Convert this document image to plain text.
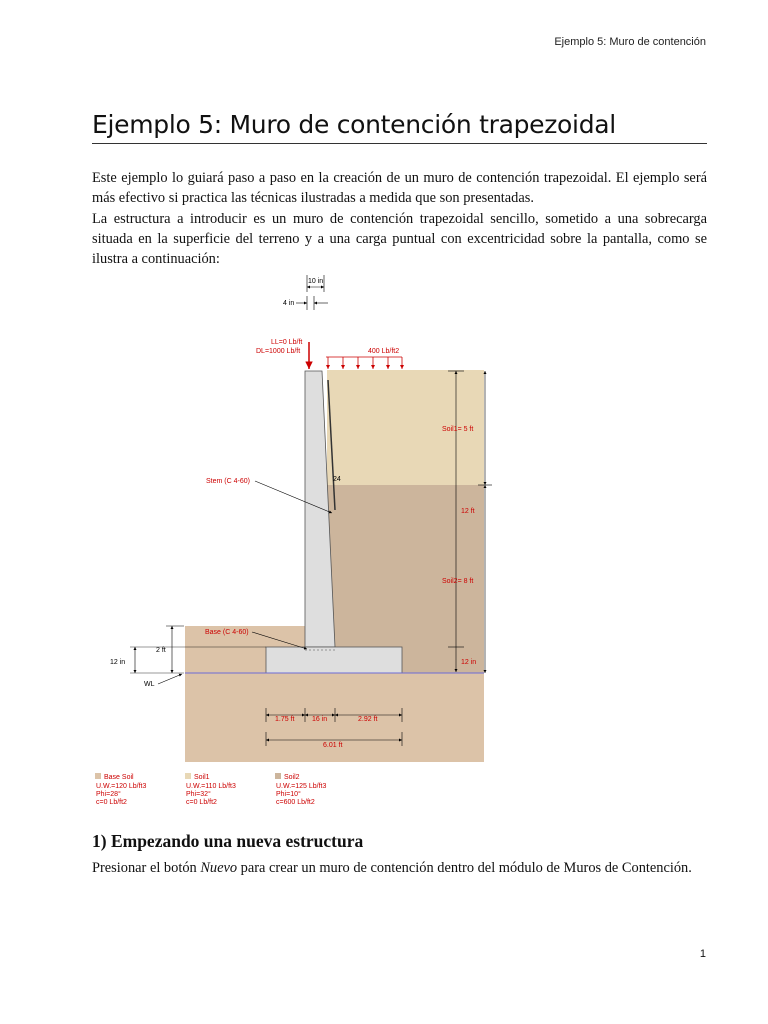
Ejemplo 5: Muro de contención
Ejemplo 5: Muro de contención trapezoidal

Este ejemplo lo guiará paso a paso en la creación de un muro de contención trapezoidal. El ejemplo será más efectivo si practica las técnicas ilustradas a medida que son presentadas.

La estructura a introducir es un muro de contención trapezoidal sencillo, sometido a una sobrecarga situada en la superficie del terreno y a una carga puntual con excentricidad sobre la pantalla, como se ilustra a continuación:

WL
10 in
4 in
LL=0 Lb/ft
DL=1000 Lb/ft	400 Lb/ft2
Stem (C 4-60)	24
Base (C 4-60)
12 ft
Soil1= 5 ft
Soil2= 8 ft
12 in
2 ft
12 in
1.75 ft	16 in	2.92 ft
6.01 ft
Base Soil
U.W.=120 Lb/ft3
Phi=28°
c=0 Lb/ft2
Soil1
U.W.=110 Lb/ft3
Phi=32°
c=0 Lb/ft2
Soil2
U.W.=125 Lb/ft3
Phi=10°
c=600 Lb/ft2
1) Empezando una nueva estructura

Presionar el botón Nuevo para crear un muro de contención dentro del módulo de Muros de Contención.

1
